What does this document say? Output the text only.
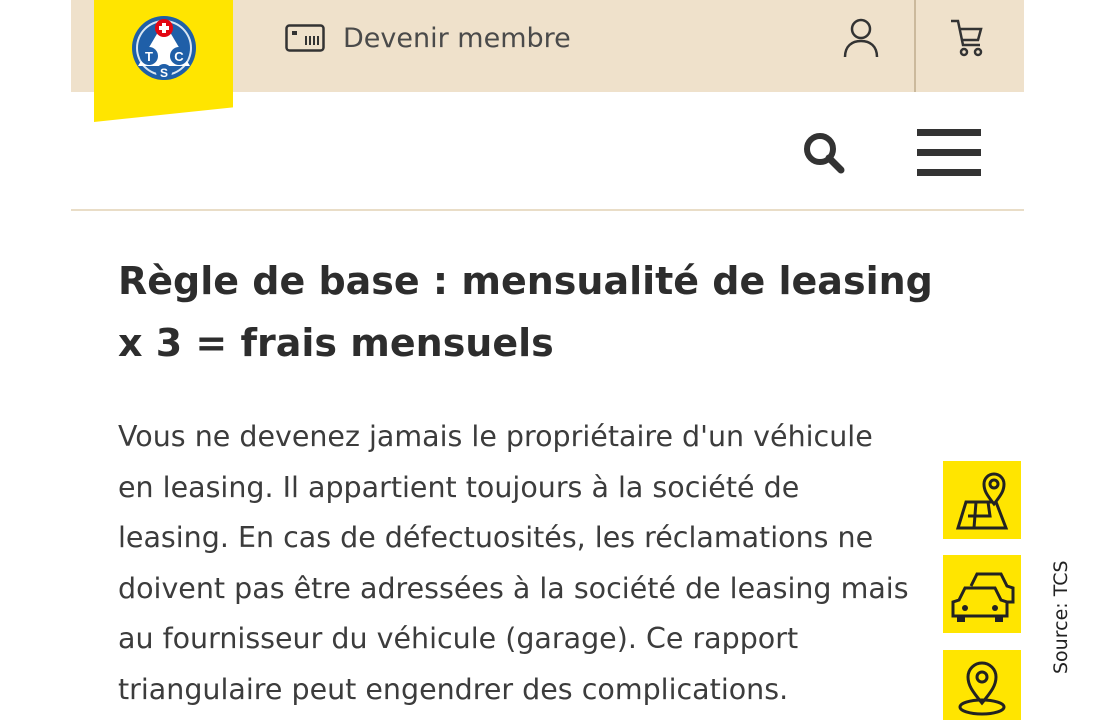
Devenir membre
T C
S
Règle de base : mensualité de leasing
x 3 = frais mensuels

Vous ne devenez jamais le propriétaire d'un véhicule
en leasing. Il appartient toujours à la société de
leasing. En cas de défectuosités, les réclamations ne
doivent pas être adressées à la société de leasing mais
au fournisseur du véhicule (garage). Ce rapport
triangulaire peut engendrer des complications.

Source: TCS
